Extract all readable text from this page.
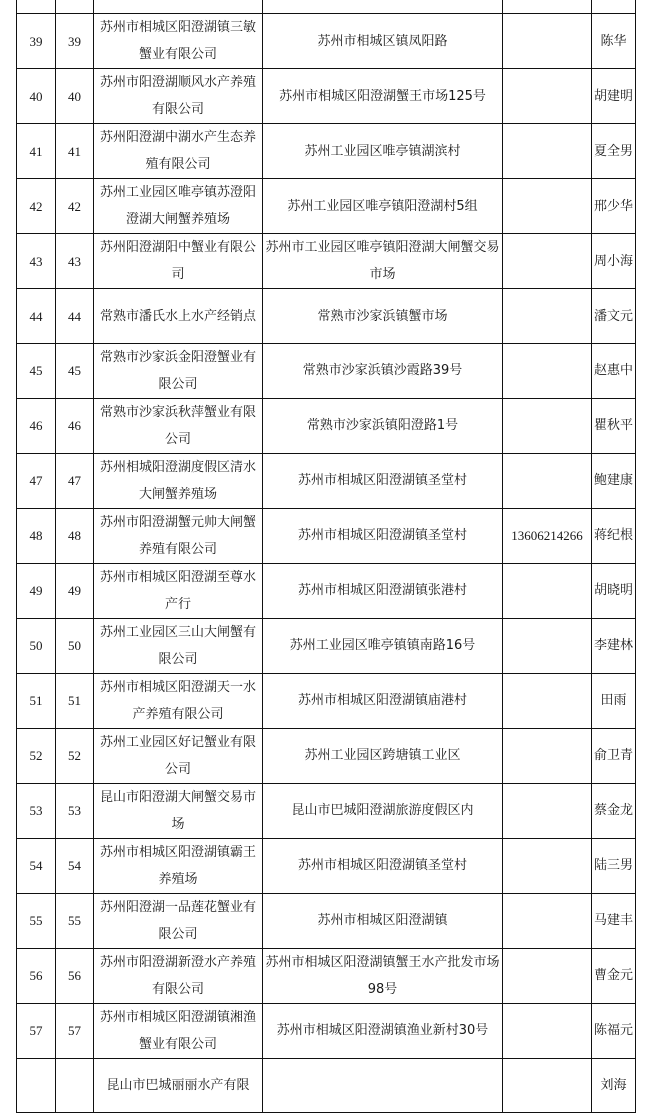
39	39	苏州市相城区阳澄湖镇三敏蟹业有限公司	苏州市相城区镇凤阳路		陈华
40	40	苏州市阳澄湖顺风水产养殖有限公司	苏州市相城区阳澄湖蟹王市场125号		胡建明
41	41	苏州阳澄湖中湖水产生态养殖有限公司	苏州工业园区唯亭镇湖滨村		夏全男
42	42	苏州工业园区唯亭镇苏澄阳澄湖大闸蟹养殖场	苏州工业园区唯亭镇阳澄湖村5组		邢少华
43	43	苏州阳澄湖阳中蟹业有限公司	苏州市工业园区唯亭镇阳澄湖大闸蟹交易市场		周小海
44	44	常熟市潘氏水上水产经销点	常熟市沙家浜镇蟹市场		潘文元
45	45	常熟市沙家浜金阳澄蟹业有限公司	常熟市沙家浜镇沙霞路39号		赵惠中
46	46	常熟市沙家浜秋萍蟹业有限公司	常熟市沙家浜镇阳澄路1号		瞿秋平
47	47	苏州相城阳澄湖度假区清水大闸蟹养殖场	苏州市相城区阳澄湖镇圣堂村		鲍建康
48	48	苏州市阳澄湖蟹元帅大闸蟹养殖有限公司	苏州市相城区阳澄湖镇圣堂村	13606214266	蒋纪根
49	49	苏州市相城区阳澄湖至尊水产行	苏州市相城区阳澄湖镇张港村		胡晓明
50	50	苏州工业园区三山大闸蟹有限公司	苏州工业园区唯亭镇镇南路16号		李建林
51	51	苏州市相城区阳澄湖天一水产养殖有限公司	苏州市相城区阳澄湖镇庙港村		田雨
52	52	苏州工业园区好记蟹业有限公司	苏州工业园区跨塘镇工业区		俞卫青
53	53	昆山市阳澄湖大闸蟹交易市场	昆山市巴城阳澄湖旅游度假区内		蔡金龙
54	54	苏州市相城区阳澄湖镇霸王养殖场	苏州市相城区阳澄湖镇圣堂村		陆三男
55	55	苏州阳澄湖一品莲花蟹业有限公司	苏州市相城区阳澄湖镇		马建丰
56	56	苏州市阳澄湖新澄水产养殖有限公司	苏州市相城区阳澄湖镇蟹王水产批发市场98号		曹金元
57	57	苏州市相城区阳澄湖镇湘渔蟹业有限公司	苏州市相城区阳澄湖镇渔业新村30号		陈福元
		昆山市巴城丽丽水产有限			刘海
